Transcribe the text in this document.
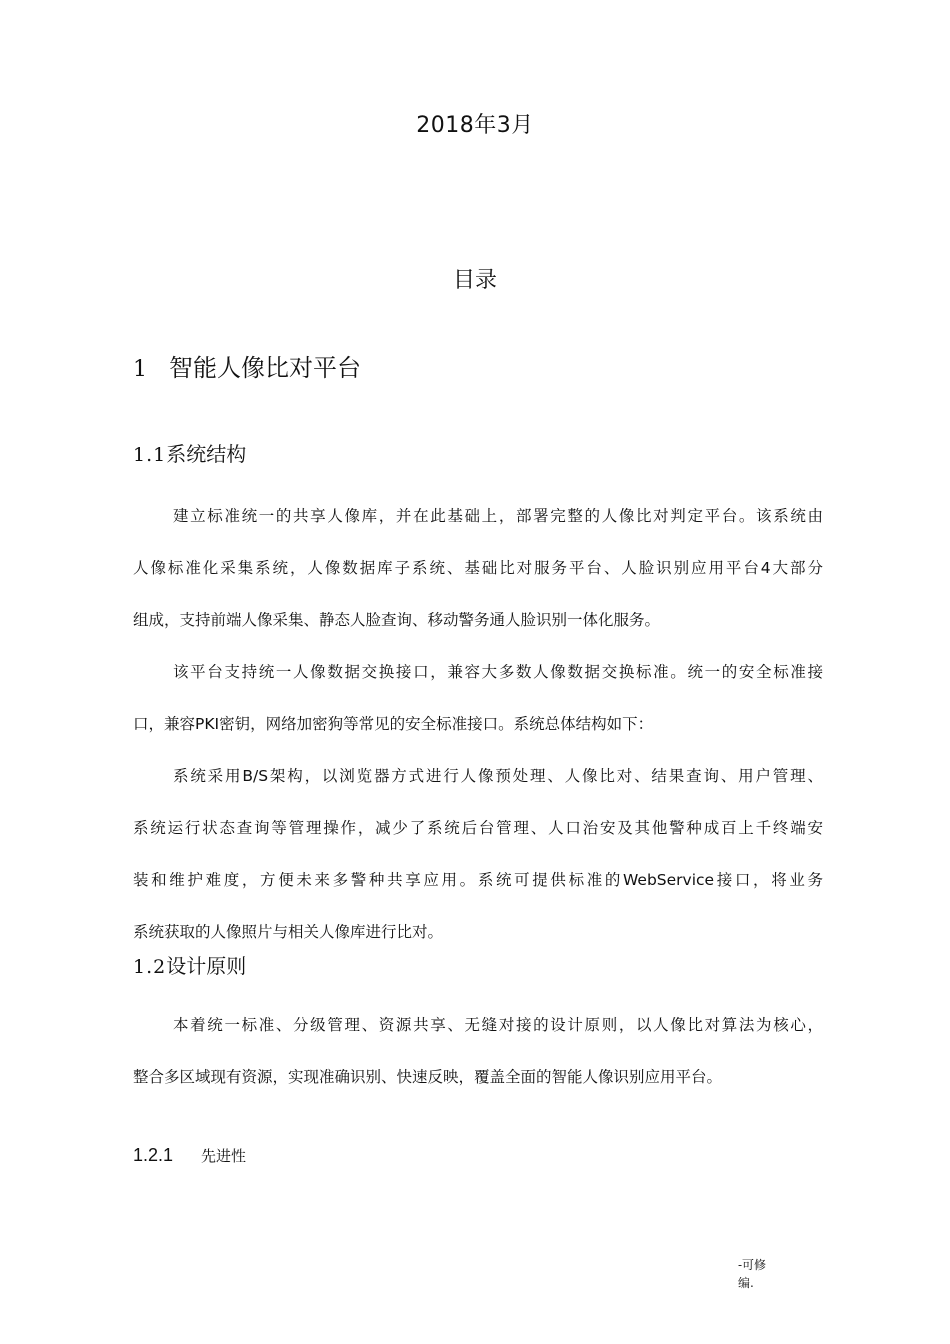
2018年3月
目录
1 智能人像比对平台
1.1系统结构
建立标准统一的共享人像库，并在此基础上，部署完整的人像比对判定平台。该系统由
人像标准化采集系统，人像数据库子系统、基础比对服务平台、人脸识别应用平台4大部分
组成，支持前端人像采集、静态人脸查询、移动警务通人脸识别一体化服务。
该平台支持统一人像数据交换接口，兼容大多数人像数据交换标准。统一的安全标准接
口，兼容PKI密钥，网络加密狗等常见的安全标准接口。系统总体结构如下：
系统采用B/S架构，以浏览器方式进行人像预处理、人像比对、结果查询、用户管理、
系统运行状态查询等管理操作，减少了系统后台管理、人口治安及其他警种成百上千终端安
装和维护难度，方便未来多警种共享应用。系统可提供标准的WebService接口，将业务
系统获取的人像照片与相关人像库进行比对。
1.2设计原则
本着统一标准、分级管理、资源共享、无缝对接的设计原则，以人像比对算法为核心，
整合多区域现有资源，实现准确识别、快速反映，覆盖全面的智能人像识别应用平台。
1.2.1 先进性
-可修
编.
